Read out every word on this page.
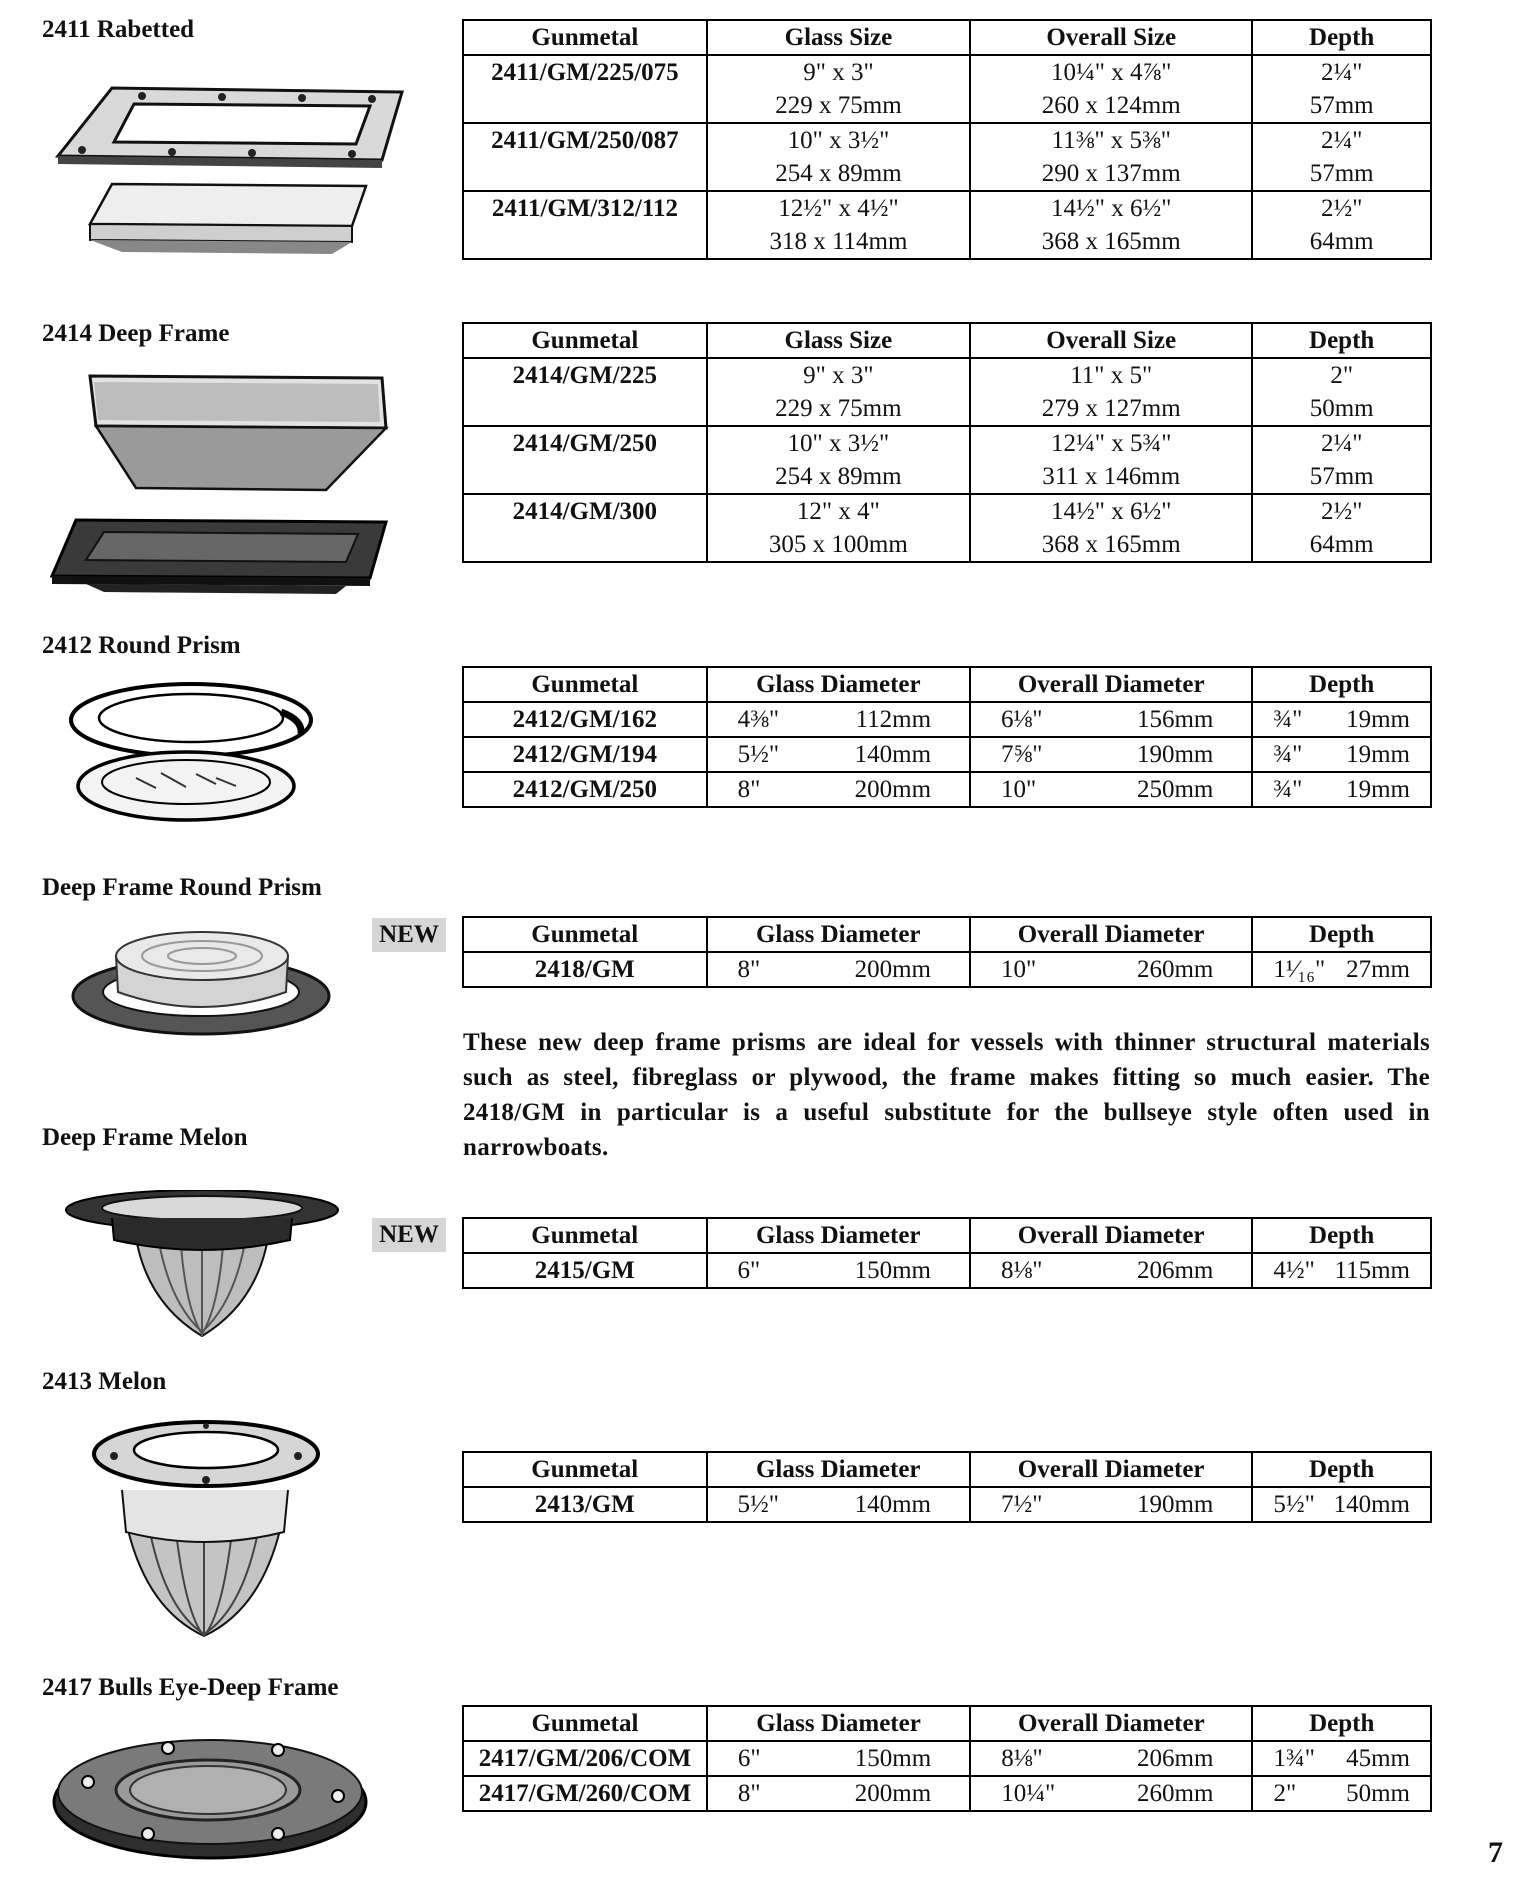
2411 Rabetted	Gunmetal	Glass Size	Overall Size	Depth
2411/GM/225/075	9" x 3"	10¼" x 4⅞"	2¼"
	229 x 75mm	260 x 124mm	57mm
2411/GM/250/087	10" x 3½"	11⅜" x 5⅜"	2¼"
	254 x 89mm	290 x 137mm	57mm
2411/GM/312/112	12½" x 4½"	14½" x 6½"	2½"
	318 x 114mm	368 x 165mm	64mm
2414 Deep Frame	Gunmetal	Glass Size	Overall Size	Depth
2414/GM/225	9" x 3"	11" x 5"	2"
	229 x 75mm	279 x 127mm	50mm
2414/GM/250	10" x 3½"	12¼" x 5¾"	2¼"
	254 x 89mm	311 x 146mm	57mm
2414/GM/300	12" x 4"	14½" x 6½"	2½"
	305 x 100mm	368 x 165mm	64mm
2412 Round Prism
Gunmetal	Glass Diameter	Overall Diameter	Depth
2412/GM/162	4⅜" 112mm	6⅛" 156mm	¾" 19mm

2412/GM/194	5½" 140mm	7⅝" 190mm	¾" 19mm

2412/GM/250	8" 200mm	10" 250mm	¾" 19mm
Deep Frame Round Prism
NEW	Gunmetal	Glass Diameter	Overall Diameter	Depth
2418/GM	8" 200mm	10" 260mm	1¹⁄₁₆" 27mm
These new deep frame prisms are ideal for vessels with thinner structural materials such as steel, fibreglass or plywood, the frame makes fitting so much easier. The 2418/GM in particular is a useful substitute for the bullseye style often used in narrowboats.
Deep Frame Melon
NEW	Gunmetal	Glass Diameter	Overall Diameter	Depth
2415/GM	6" 150mm	8⅛" 206mm	4½" 115mm
2413 Melon
Gunmetal	Glass Diameter	Overall Diameter	Depth
2413/GM	5½" 140mm	7½" 190mm	5½" 140mm
2417 Bulls Eye-Deep Frame
Gunmetal	Glass Diameter	Overall Diameter	Depth
2417/GM/206/COM	6" 150mm	8⅛" 206mm	1¾" 45mm

2417/GM/260/COM	8" 200mm	10¼" 260mm	2" 50mm
7
